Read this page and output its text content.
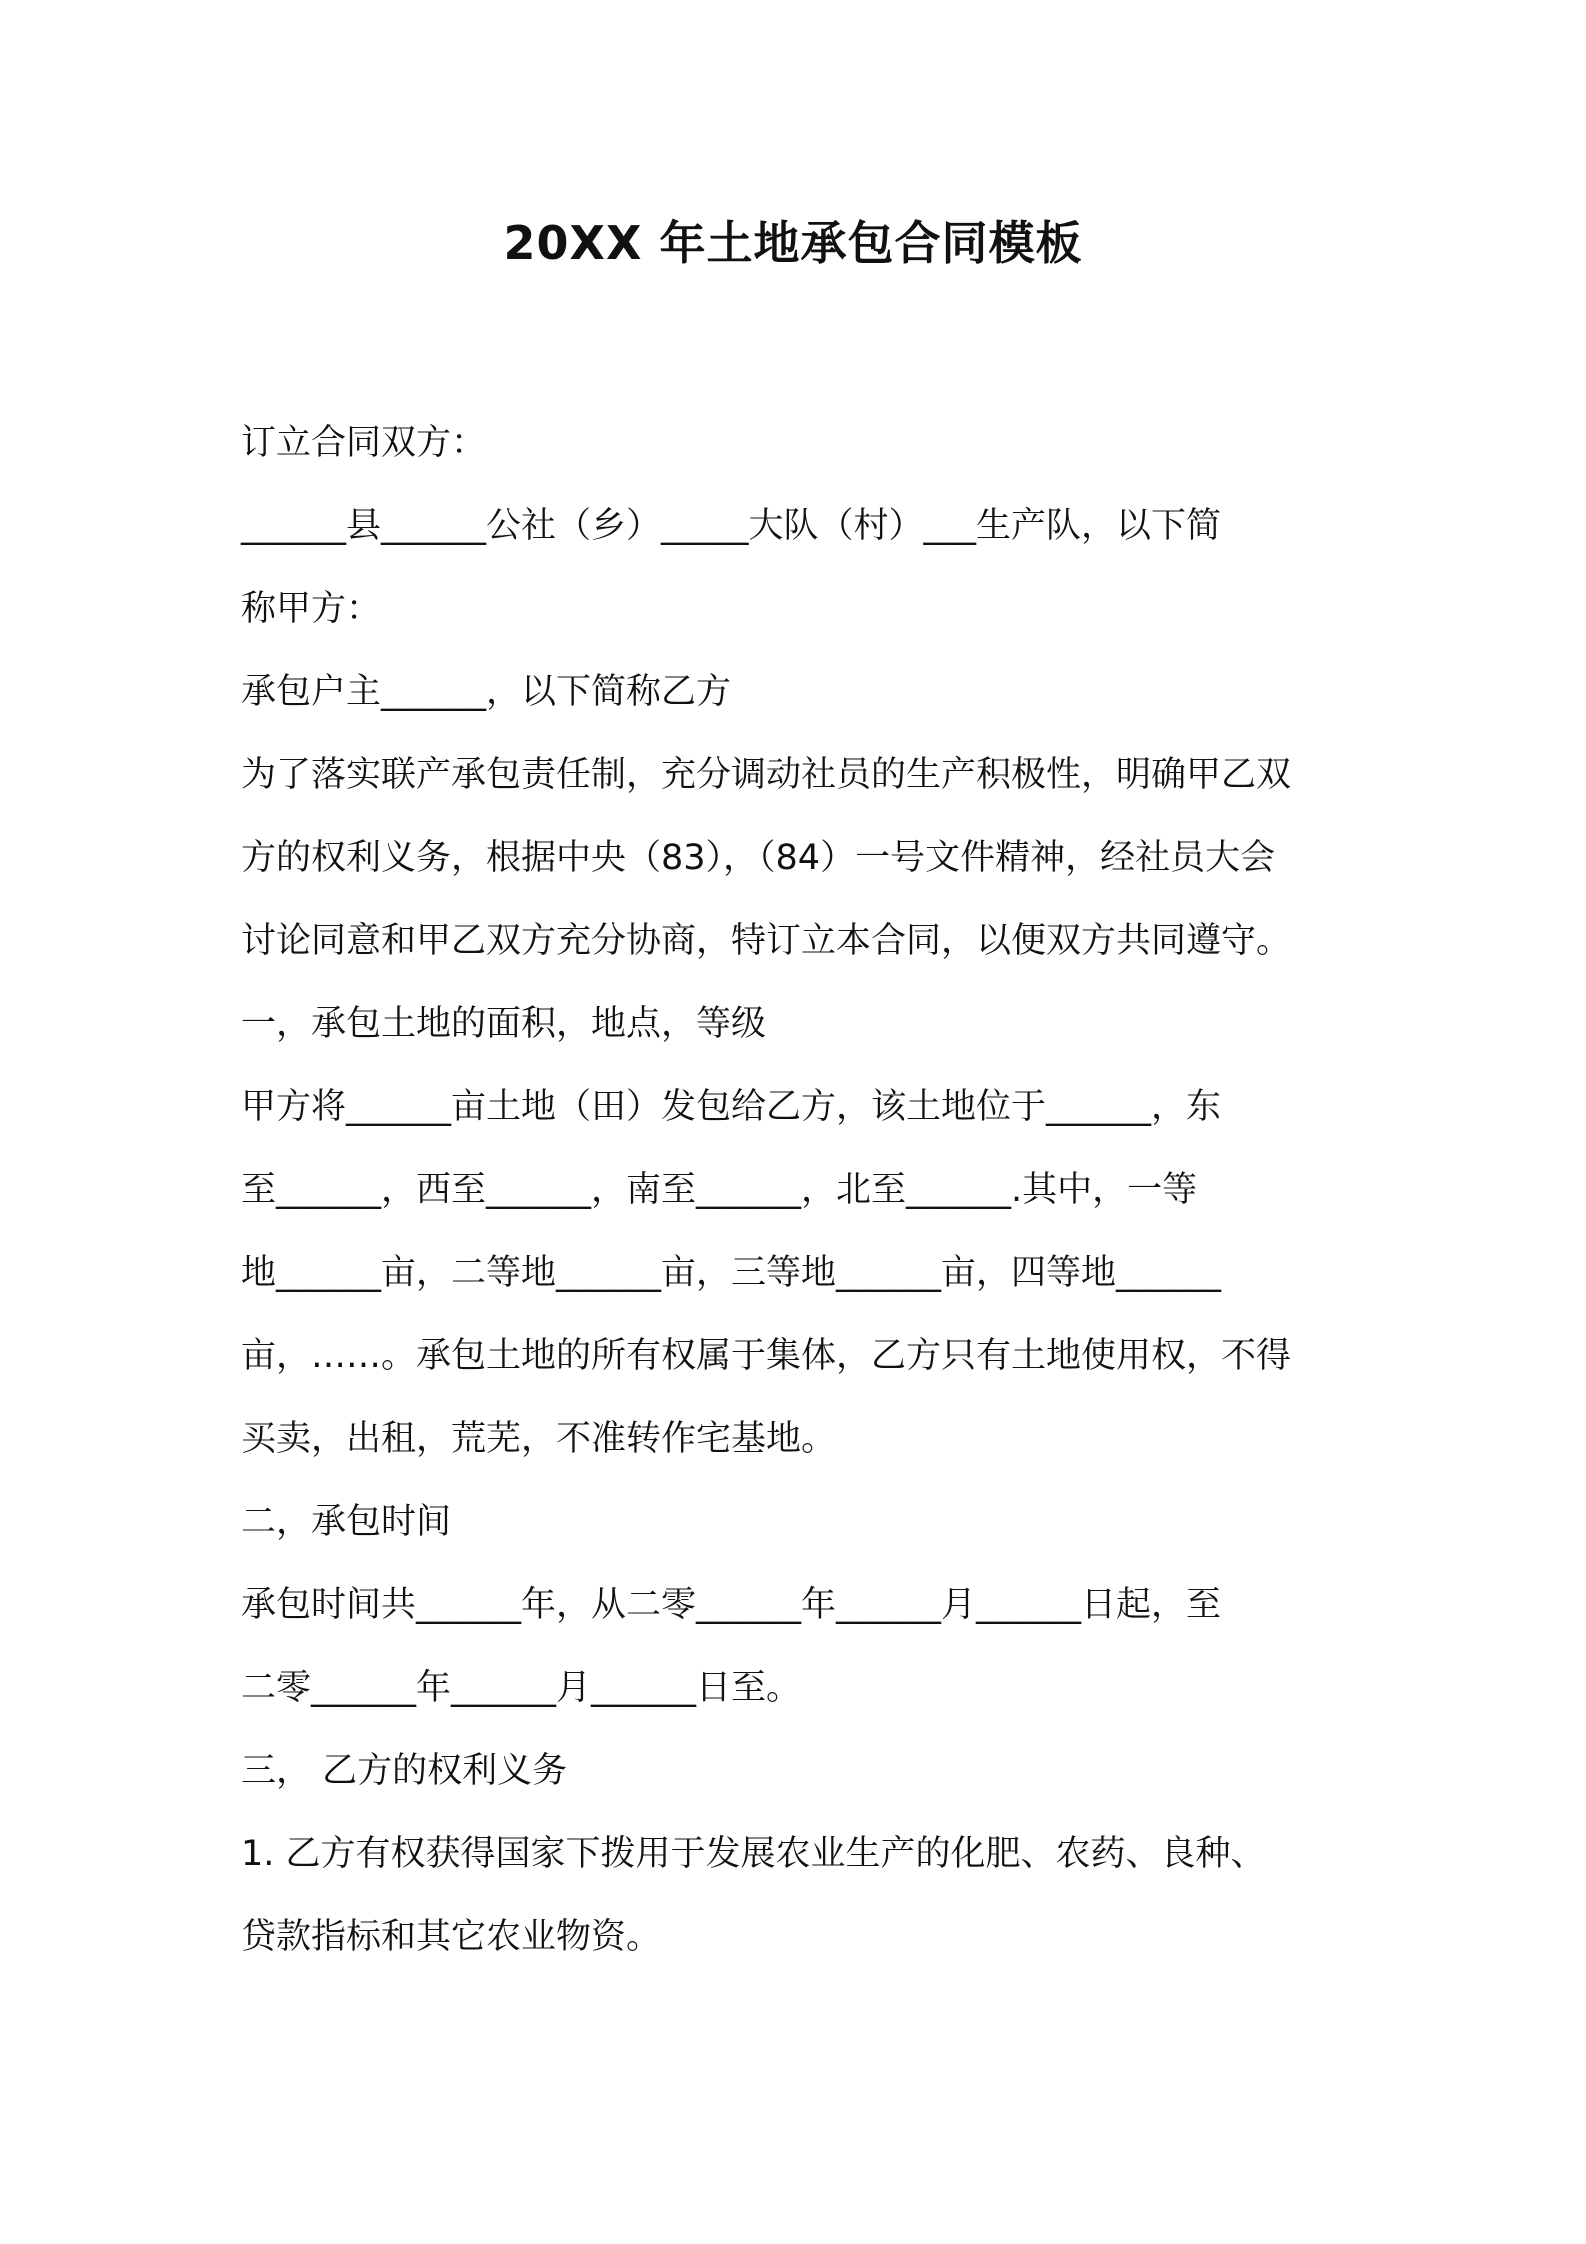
20XX 年土地承包合同模板

订立合同双方：

______县______公社（乡）_____大队（村）___生产队，以下简

称甲方：

承包户主______，以下简称乙方

为了落实联产承包责任制，充分调动社员的生产积极性，明确甲乙双

方的权利义务，根据中央（83），（84）一号文件精神，经社员大会

讨论同意和甲乙双方充分协商，特订立本合同，以便双方共同遵守。

一，承包土地的面积，地点，等级

甲方将______亩土地（田）发包给乙方，该土地位于______，东

至______，西至______，南至______，北至______.其中，一等

地______亩，二等地______亩，三等地______亩，四等地______

亩，……。承包土地的所有权属于集体，乙方只有土地使用权，不得

买卖，出租，荒芜，不准转作宅基地。

二，承包时间

承包时间共______年，从二零______年______月______日起，至

二零______年______月______日至。

三， 乙方的权利义务

1. 乙方有权获得国家下拨用于发展农业生产的化肥、农药、良种、

贷款指标和其它农业物资。
